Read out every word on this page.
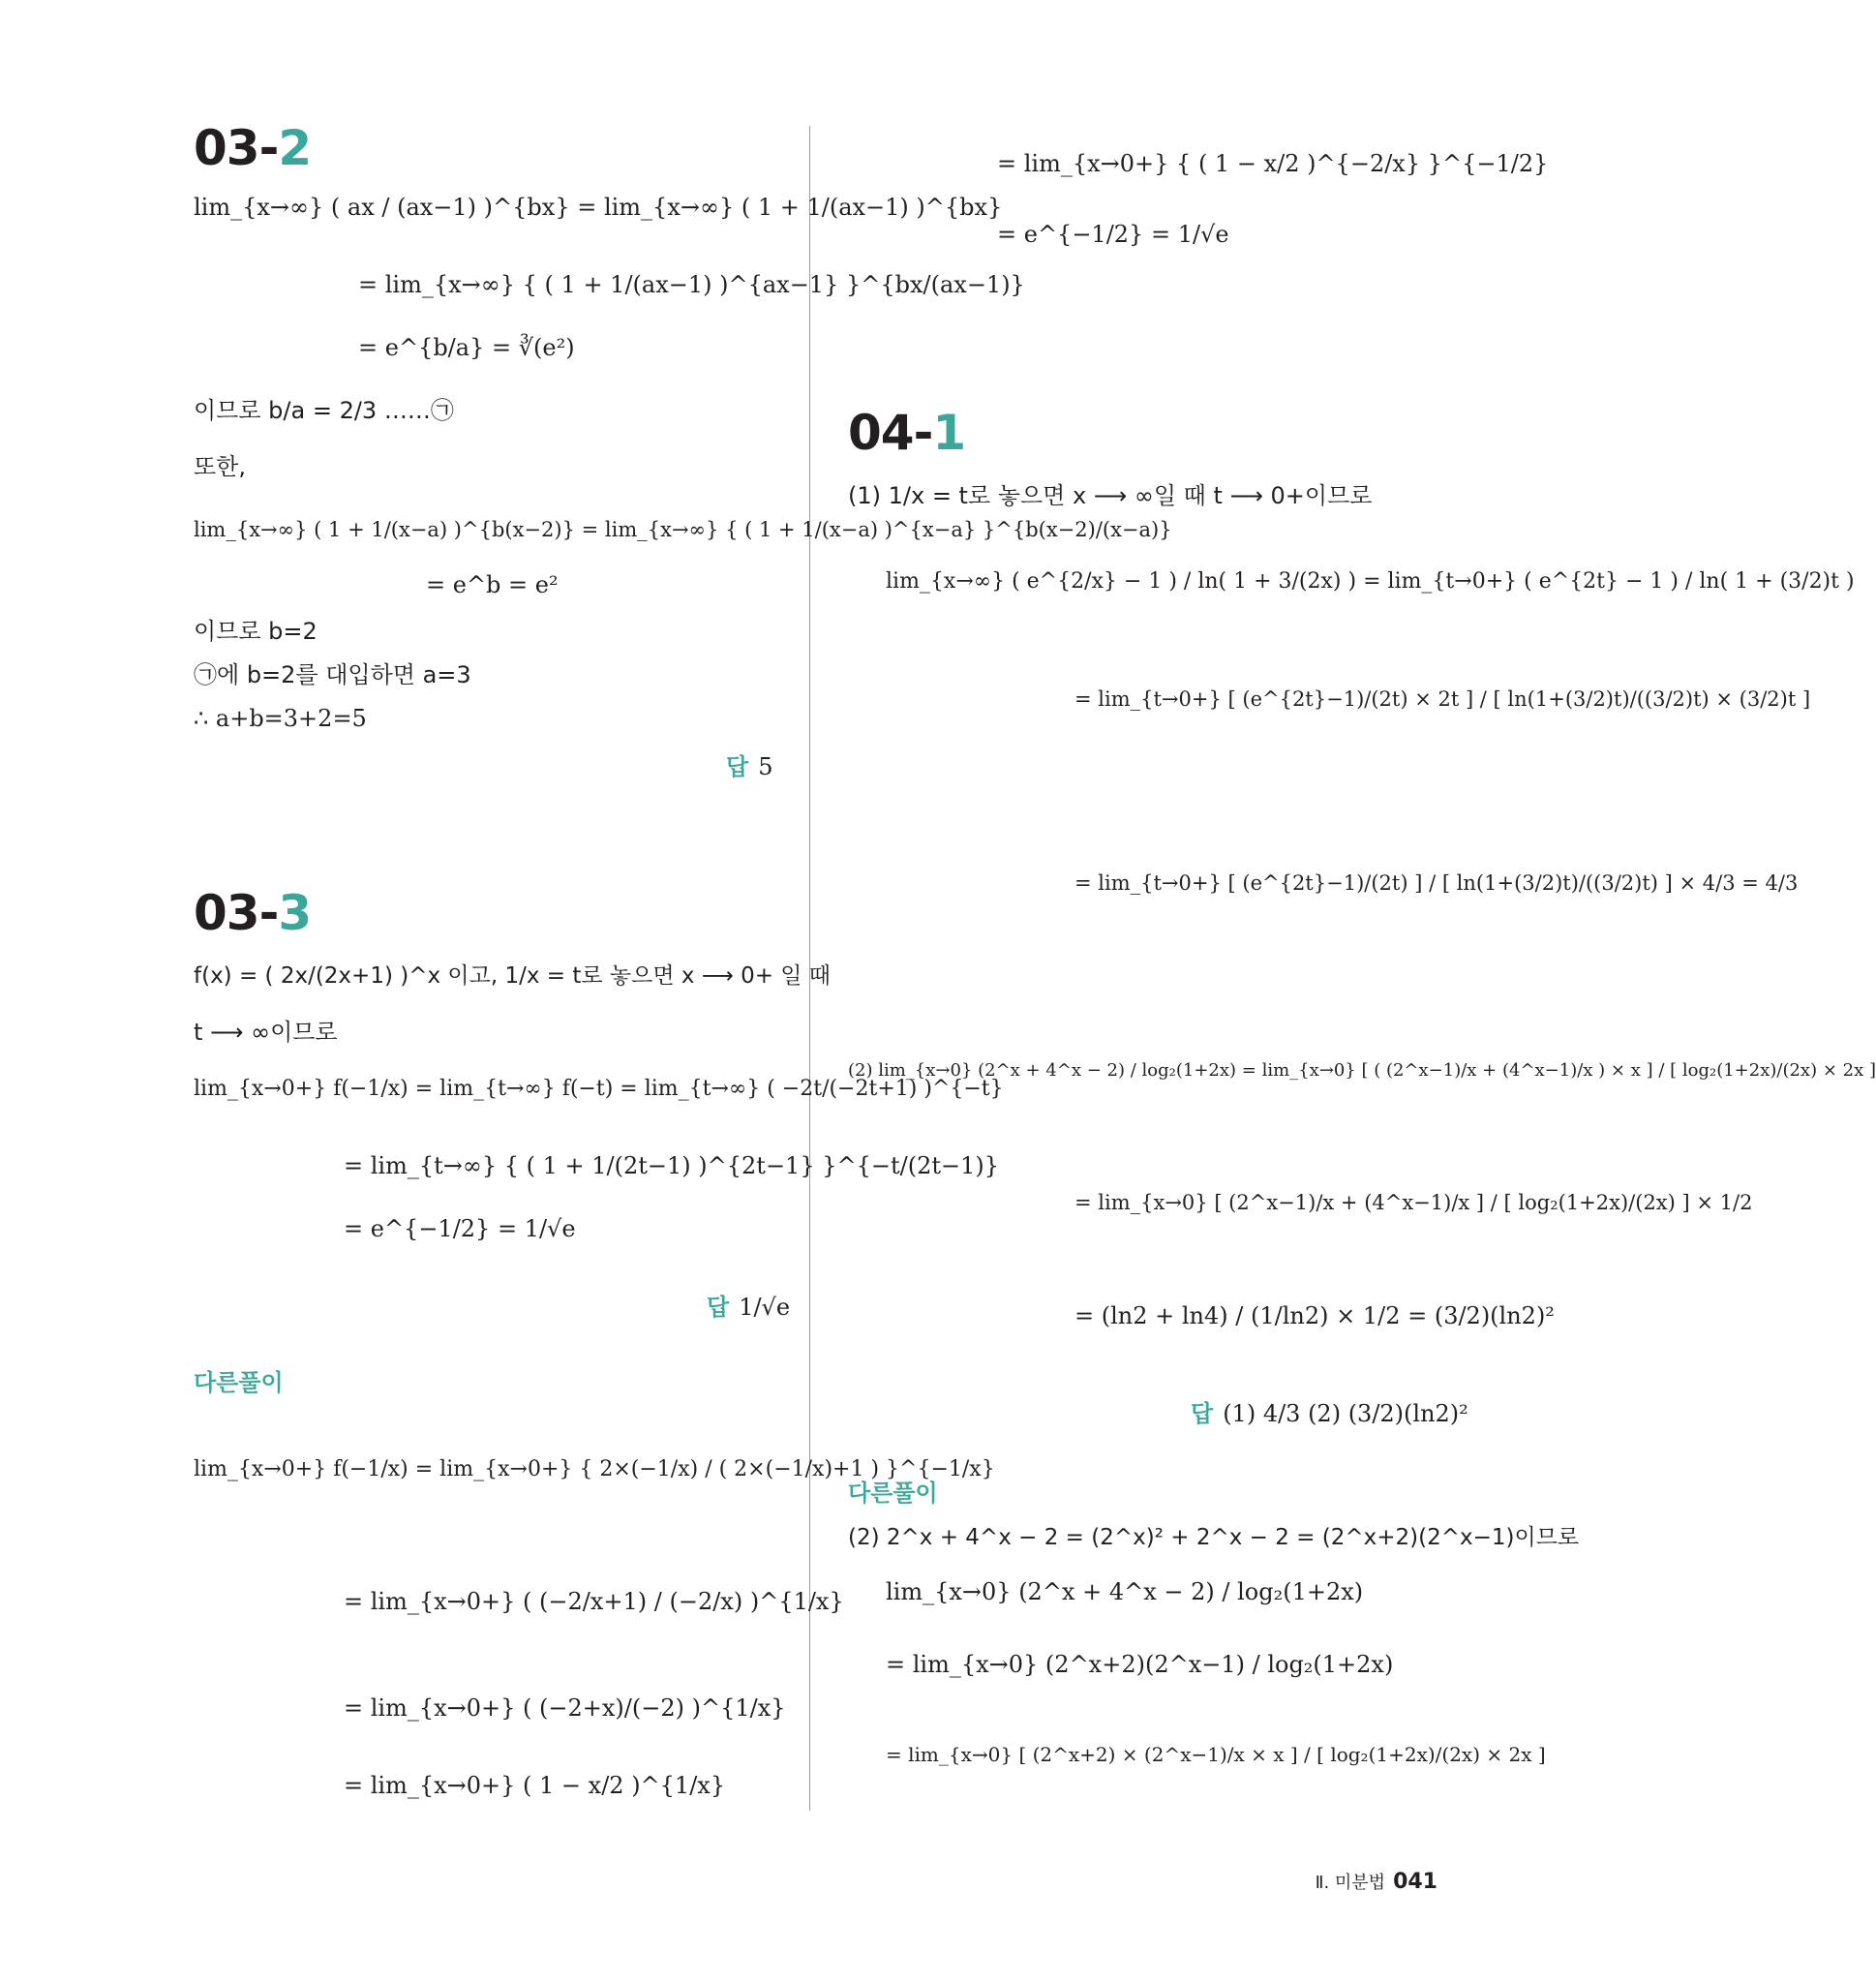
03-2
lim_{x→∞} ( ax / (ax−1) )^{bx} = lim_{x→∞} ( 1 + 1/(ax−1) )^{bx}
= lim_{x→∞} { ( 1 + 1/(ax−1) )^{ax−1} }^{bx/(ax−1)}
= e^{b/a} = ∛(e²)
이므로 b/a = 2/3 ……㉠
또한,
lim_{x→∞} ( 1 + 1/(x−a) )^{b(x−2)} = lim_{x→∞} { ( 1 + 1/(x−a) )^{x−a} }^{b(x−2)/(x−a)}
= e^b = e²
이므로 b=2
㉠에 b=2를 대입하면 a=3
∴ a+b=3+2=5
답 5
03-3
f(x) = ( 2x/(2x+1) )^x 이고, 1/x = t로 놓으면 x ⟶ 0+ 일 때
t ⟶ ∞이므로
lim_{x→0+} f(−1/x) = lim_{t→∞} f(−t) = lim_{t→∞} ( −2t/(−2t+1) )^{−t}
= lim_{t→∞} { ( 1 + 1/(2t−1) )^{2t−1} }^{−t/(2t−1)}
= e^{−1/2} = 1/√e
답 1/√e
다른풀이
lim_{x→0+} f(−1/x) = lim_{x→0+} { 2×(−1/x) / ( 2×(−1/x)+1 ) }^{−1/x}
= lim_{x→0+} ( (−2/x+1) / (−2/x) )^{1/x}
= lim_{x→0+} ( (−2+x)/(−2) )^{1/x}
= lim_{x→0+} ( 1 − x/2 )^{1/x}
= lim_{x→0+} { ( 1 − x/2 )^{−2/x} }^{−1/2}
= e^{−1/2} = 1/√e
04-1
(1) 1/x = t로 놓으면 x ⟶ ∞일 때 t ⟶ 0+이므로
lim_{x→∞} ( e^{2/x} − 1 ) / ln( 1 + 3/(2x) ) = lim_{t→0+} ( e^{2t} − 1 ) / ln( 1 + (3/2)t )
= lim_{t→0+} [ (e^{2t}−1)/(2t) × 2t ] / [ ln(1+(3/2)t)/((3/2)t) × (3/2)t ]
= lim_{t→0+} [ (e^{2t}−1)/(2t) ] / [ ln(1+(3/2)t)/((3/2)t) ] × 4/3 = 4/3
(2) lim_{x→0} (2^x + 4^x − 2) / log₂(1+2x) = lim_{x→0} [ ( (2^x−1)/x + (4^x−1)/x ) × x ] / [ log₂(1+2x)/(2x) × 2x ]
= lim_{x→0} [ (2^x−1)/x + (4^x−1)/x ] / [ log₂(1+2x)/(2x) ] × 1/2
= (ln2 + ln4) / (1/ln2) × 1/2 = (3/2)(ln2)²
답 (1) 4/3 (2) (3/2)(ln2)²
다른풀이
(2) 2^x + 4^x − 2 = (2^x)² + 2^x − 2 = (2^x+2)(2^x−1)이므로
lim_{x→0} (2^x + 4^x − 2) / log₂(1+2x)
= lim_{x→0} (2^x+2)(2^x−1) / log₂(1+2x)
= lim_{x→0} [ (2^x+2) × (2^x−1)/x × x ] / [ log₂(1+2x)/(2x) × 2x ]
Ⅱ. 미분법 041
